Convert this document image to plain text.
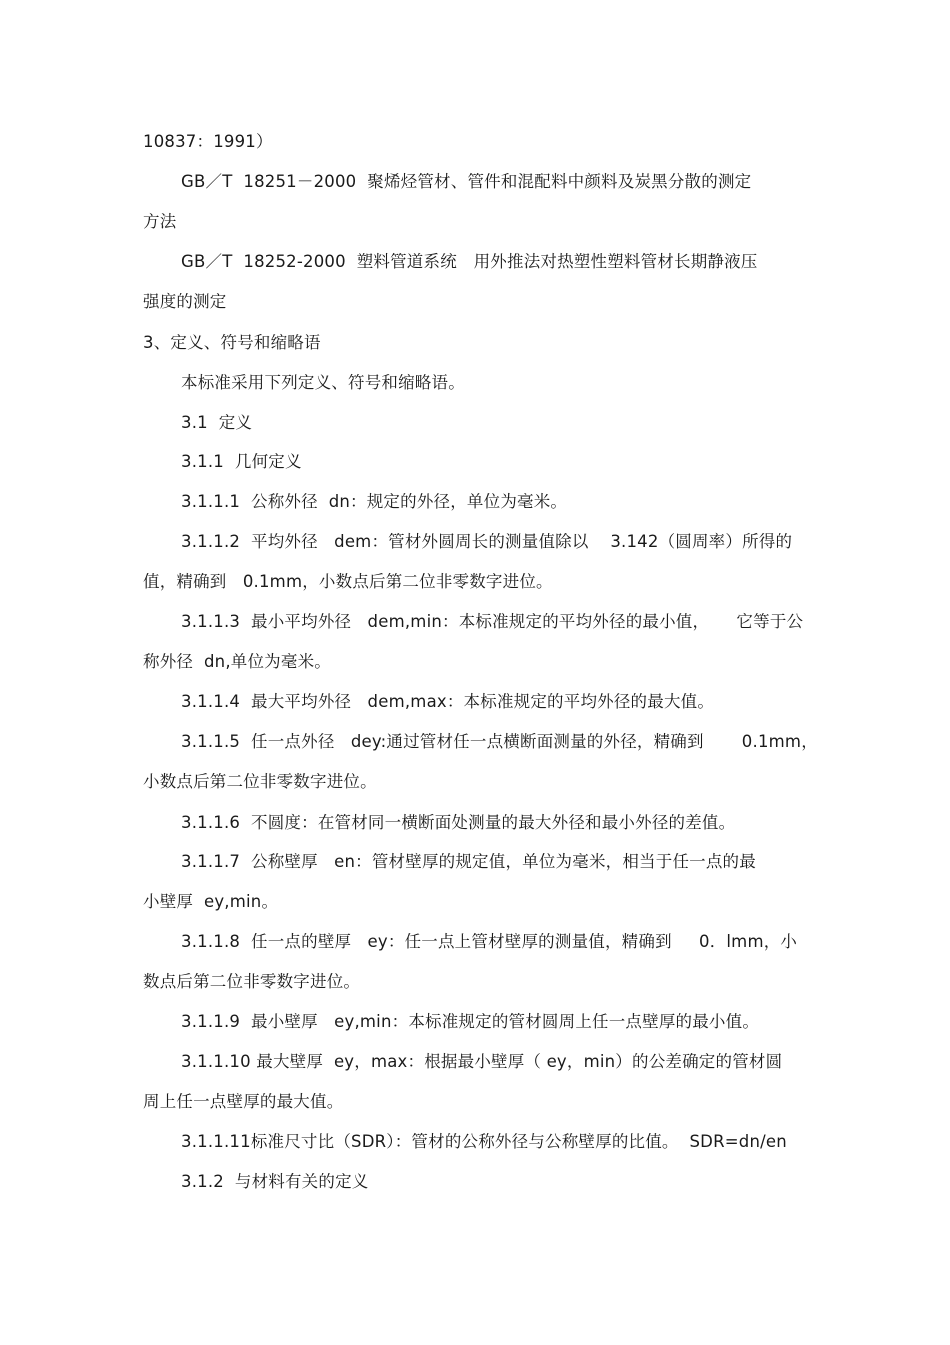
10837：1991）
GB／T  18251－2000  聚烯烃管材、管件和混配料中颜料及炭黑分散的测定
方法
GB／T  18252-2000  塑料管道系统　用外推法对热塑性塑料管材长期静液压
强度的测定
3、定义、符号和缩略语
本标准采用下列定义、符号和缩略语。
3.1  定义
3.1.1  几何定义
3.1.1.1  公称外径  dn：规定的外径，单位为毫米。
3.1.1.2  平均外径   dem：管材外圆周长的测量值除以    3.142（圆周率）所得的
值，精确到   0.1mm，小数点后第二位非零数字进位。
3.1.1.3  最小平均外径   dem,min：本标准规定的平均外径的最小值，     它等于公
称外径  dn,单位为毫米。
3.1.1.4  最大平均外径   dem,max：本标准规定的平均外径的最大值。
3.1.1.5  任一点外径   dey:通过管材任一点横断面测量的外径，精确到       0.1mm，
小数点后第二位非零数字进位。
3.1.1.6  不圆度：在管材同一横断面处测量的最大外径和最小外径的差值。
3.1.1.7  公称壁厚   en：管材壁厚的规定值，单位为毫米，相当于任一点的最
小壁厚  ey,min。
3.1.1.8  任一点的壁厚   ey：任一点上管材壁厚的测量值，精确到     0．lmm，小
数点后第二位非零数字进位。
3.1.1.9  最小壁厚   ey,min：本标准规定的管材圆周上任一点壁厚的最小值。
3.1.1.10 最大壁厚  ey，max：根据最小壁厚（ ey，min）的公差确定的管材圆
周上任一点壁厚的最大值。
3.1.1.11标准尺寸比（SDR）：管材的公称外径与公称壁厚的比值。  SDR=dn/en
3.1.2  与材料有关的定义
